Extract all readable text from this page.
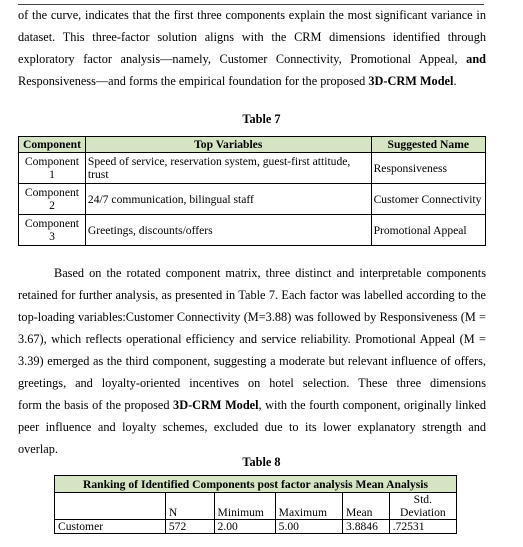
of the curve, indicates that the first three components explain the most significant variance in
dataset. This three-factor solution aligns with the CRM dimensions identified through
exploratory factor analysis—namely, Customer Connectivity, Promotional Appeal, and
Responsiveness—and forms the empirical foundation for the proposed 3D-CRM Model.
Table 7
Component	Top Variables	Suggested Name
Component 1	Speed of service, reservation system, guest-first attitude, trust	Responsiveness
Component 2	24/7 communication, bilingual staff	Customer Connectivity
Component 3	Greetings, discounts/offers	Promotional Appeal
Based on the rotated component matrix, three distinct and interpretable components
retained for further analysis, as presented in Table 7. Each factor was labelled according to the
top-loading variables:Customer Connectivity (M=3.88) was followed by Responsiveness (M =
3.67), which reflects operational efficiency and service reliability. Promotional Appeal (M =
3.39) emerged as the third component, suggesting a moderate but relevant influence of offers,
greetings, and loyalty-oriented incentives on hotel selection. These three dimensions
form the basis of the proposed 3D-CRM Model, with the fourth component, originally linked
peer influence and loyalty schemes, excluded due to its lower explanatory strength and
overlap.
Table 8
Ranking of Identified Components post factor analysis Mean Analysis					
	N	Minimum	Maximum	Mean	Std. Deviation
Customer	572	2.00	5.00	3.8846	.72531
